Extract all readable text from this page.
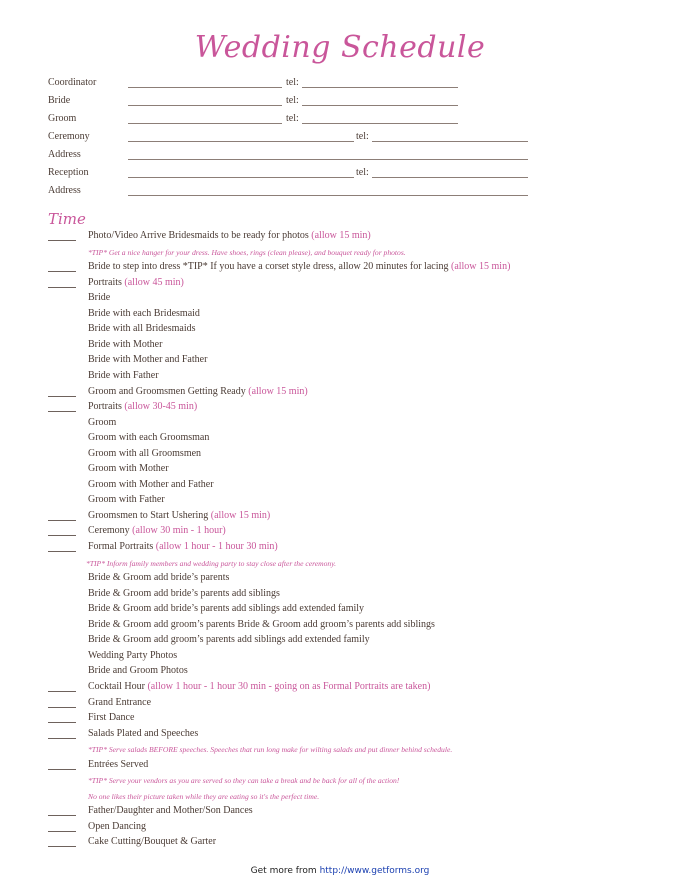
Wedding Schedule
Coordinator	tel:
Bride	tel:
Groom	tel:
Ceremony	tel:
Address
Reception	tel:
Address
Time
Photo/Video Arrive Bridesmaids to be ready for photos (allow 15 min)
*TIP* Get a nice hanger for your dress. Have shoes, rings (clean please), and bouquet ready for photos.
Bride to step into dress *TIP* If you have a corset style dress, allow 20 minutes for lacing (allow 15 min)
Portraits (allow 45 min)
Bride
Bride with each Bridesmaid
Bride with all Bridesmaids
Bride with Mother
Bride with Mother and Father
Bride with Father
Groom and Groomsmen Getting Ready (allow 15 min)
Portraits (allow 30-45 min)
Groom
Groom with each Groomsman
Groom with all Groomsmen
Groom with Mother
Groom with Mother and Father
Groom with Father
Groomsmen to Start Ushering (allow 15 min)
Ceremony (allow 30 min - 1 hour)
Formal Portraits (allow 1 hour - 1 hour 30 min)
*TIP* Inform family members and wedding party to stay close after the ceremony.
Bride & Groom add bride’s parents
Bride & Groom add bride’s parents add siblings
Bride & Groom add bride’s parents add siblings add extended family
Bride & Groom add groom’s parents Bride & Groom add groom’s parents add siblings
Bride & Groom add groom’s parents add siblings add extended family
Wedding Party Photos
Bride and Groom Photos
Cocktail Hour (allow 1 hour - 1 hour 30 min - going on as Formal Portraits are taken)
Grand Entrance
First Dance
Salads Plated and Speeches
*TIP* Serve salads BEFORE speeches. Speeches that run long make for wilting salads and put dinner behind schedule.
Entrées Served
*TIP* Serve your vendors as you are served so they can take a break and be back for all of the action!
No one likes their picture taken while they are eating so it's the perfect time.
Father/Daughter and Mother/Son Dances
Open Dancing
Cake Cutting/Bouquet & Garter
Get more from http://www.getforms.org
